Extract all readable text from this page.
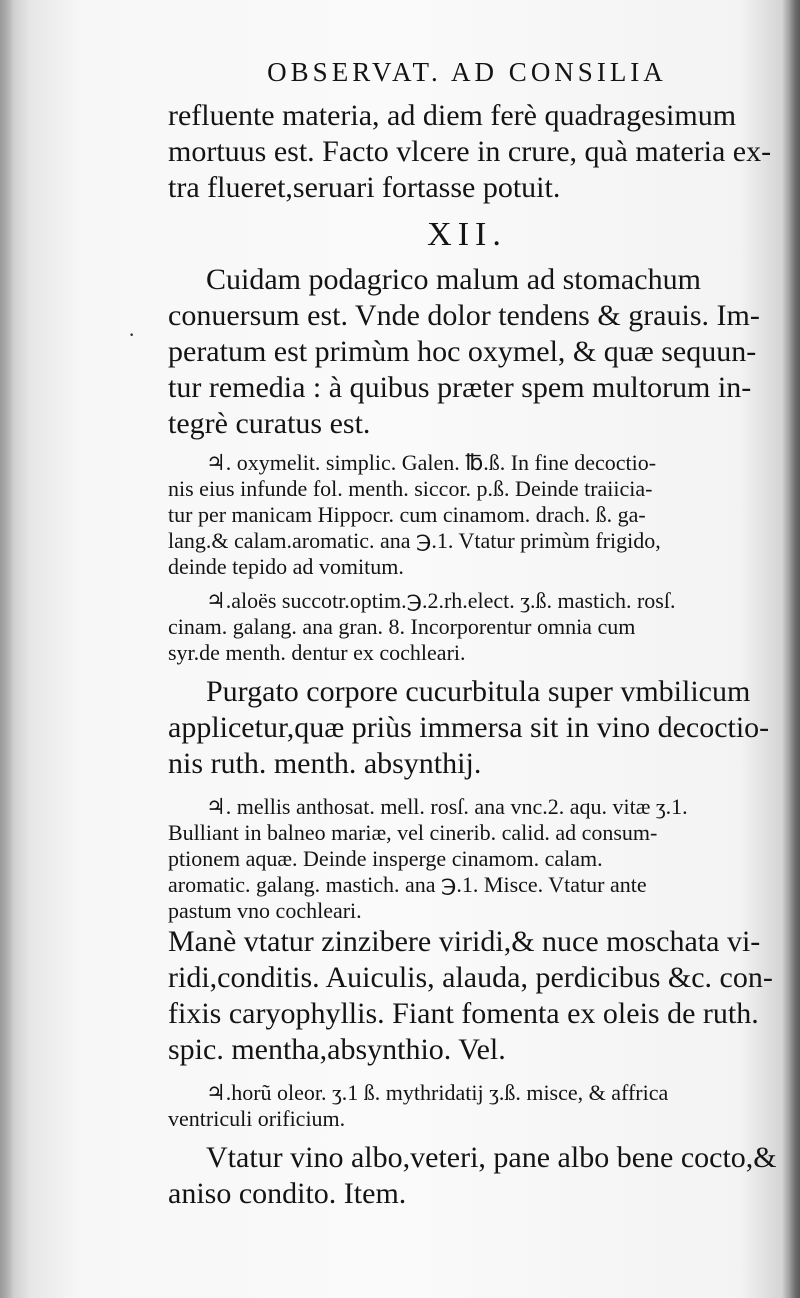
·
OBSERVAT. AD CONSILIA
refluente materia, ad diem ferè quadragesimum
mortuus est. Facto vlcere in crure, quà materia ex-
tra flueret,seruari fortasse potuit.
XII.
Cuidam podagrico malum ad stomachum
conuersum est. Vnde dolor tendens & grauis. Im-
peratum est primùm hoc oxymel, & quæ sequun-
tur remedia : à quibus præter spem multorum in-
tegrè curatus est.
♃. oxymelit. simplic. Galen. ℔.ß. In fine decoctio-
nis eius infunde fol. menth. siccor. p.ß. Deinde traiicia-
tur per manicam Hippocr. cum cinamom. drach. ß. ga-
lang.& calam.aromatic. ana ℈.1. Vtatur primùm frigido,
deinde tepido ad vomitum.
♃.aloës succotr.optim.℈.2.rh.elect. ʒ.ß. mastich. rosſ.
cinam. galang. ana gran. 8. Incorporentur omnia cum
syr.de menth. dentur ex cochleari.
Purgato corpore cucurbitula super vmbilicum
applicetur,quæ priùs immersa sit in vino decoctio-
nis ruth. menth. absynthij.
♃. mellis anthosat. mell. rosſ. ana vnc.2. aqu. vitæ ʒ.1.
Bulliant in balneo mariæ, vel cinerib. calid. ad consum-
ptionem aquæ. Deinde insperge cinamom. calam.
aromatic. galang. mastich. ana ℈.1. Misce. Vtatur ante
pastum vno cochleari.
Manè vtatur zinzibere viridi,& nuce moschata vi-
ridi,conditis. Auiculis, alauda, perdicibus &c. con-
fixis caryophyllis. Fiant fomenta ex oleis de ruth.
spic. mentha,absynthio. Vel.
♃.horũ oleor. ʒ.1 ß. mythridatij ʒ.ß. misce, & affrica
ventriculi orificium.
Vtatur vino albo,veteri, pane albo bene cocto,&
aniso condito. Item.
